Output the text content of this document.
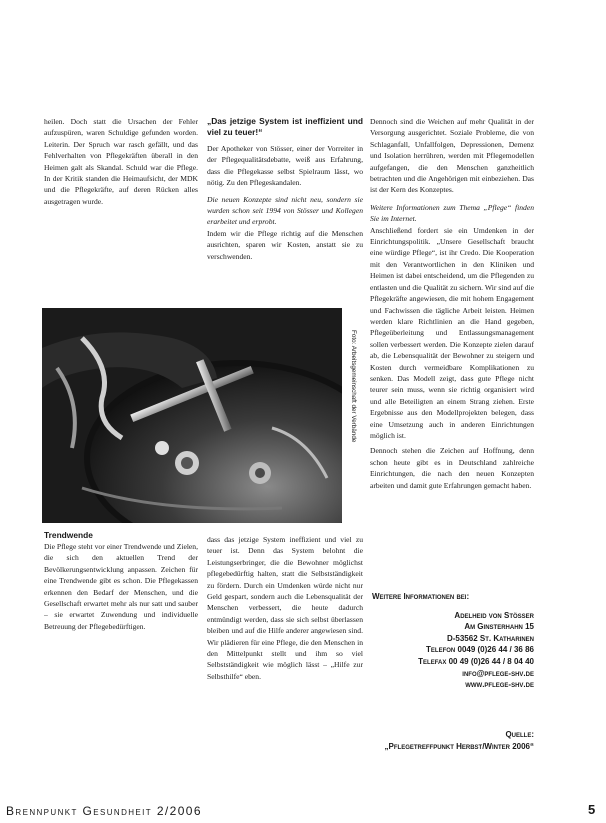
heilen. Doch statt die Ursachen der Fehler aufzuspüren, waren Schuldige gefunden worden. Leiterin. Der Spruch war rasch gefällt, und das Fehlverhalten von Pflegekräften überall in den Heimen galt als Skandal. Schuld war die Pflege. In der Kritik standen die Heimaufsicht, der MDK und die Pflegekräfte, auf deren Rücken alles ausgetragen wurde.

„Das jetzige System ist ineffizient und viel zu teuer!“

Der Apotheker von Stösser, einer der Vorreiter in der Pflegequalitätsdebatte, weiß aus Erfahrung, dass die Pflegekasse selbst Spielraum lässt, wo nötig. Zu den Pflegeskandalen.

Die neuen Konzepte sind nicht neu, sondern sie wurden schon seit 1994 von Stösser und Kollegen erarbeitet und erprobt.

Indem wir die Pflege richtig auf die Menschen ausrichten, sparen wir Kosten, anstatt sie zu verschwenden.

Dennoch sind die Weichen auf mehr Qualität in der Versorgung ausgerichtet. Soziale Probleme, die von Schlaganfall, Unfallfolgen, Depressionen, Demenz und Isolation herrühren, werden mit Pflegemodellen aufgefangen, die den Menschen ganzheitlich betrachten und die Angehörigen mit einbeziehen. Das ist der Kern des Konzeptes.

Weitere Informationen zum Thema „Pflege“ finden Sie im Internet.

Anschließend fordert sie ein Umdenken in der Einrichtungspolitik. „Unsere Gesellschaft braucht eine würdige Pflege“, ist ihr Credo. Die Kooperation mit den Verantwortlichen in den Kliniken und Heimen ist dabei entscheidend, um die Pflegenden zu entlasten und die Qualität zu sichern. Wir sind auf die Pflegekräfte angewiesen, die mit hohem Engagement und Fachwissen die tägliche Arbeit leisten. Heimen werden klare Richtlinien an die Hand gegeben, Pflegeüberleitung und Entlassungsmanagement sollen verbessert werden. Die Konzepte zielen darauf ab, die Lebensqualität der Bewohner zu steigern und Kosten durch vermeidbare Komplikationen zu senken. Das Modell zeigt, dass gute Pflege nicht teurer sein muss, wenn sie richtig organisiert wird und alle Beteiligten an einem Strang ziehen. Erste Ergebnisse aus den Modellprojekten belegen, dass eine Umsetzung auch in anderen Einrichtungen möglich ist.

Dennoch stehen die Zeichen auf Hoffnung, denn schon heute gibt es in Deutschland zahlreiche Einrichtungen, die nach den neuen Konzepten arbeiten und damit gute Erfahrungen gemacht haben.

Foto: Arbeitsgemeinschaft der Verbände

Trendwende

Die Pflege steht vor einer Trendwende und Zielen, die sich den aktuellen Trend der Bevölkerungsentwicklung anpassen. Zeichen für eine Trendwende gibt es schon. Die Pflegekassen erkennen den Bedarf der Menschen, und die Gesellschaft erwartet mehr als nur satt und sauber – sie erwartet Zuwendung und individuelle Betreuung der Pflegebedürftigen.

dass das jetzige System ineffizient und viel zu teuer ist. Denn das System belohnt die Leistungserbringer, die die Bewohner möglichst pflegebedürftig halten, statt die Selbstständigkeit zu fördern. Durch ein Umdenken würde nicht nur Geld gespart, sondern auch die Lebensqualität der Menschen verbessert, die heute dadurch entmündigt werden, dass sie sich selbst überlassen bleiben und auf die Hilfe anderer angewiesen sind. Wir plädieren für eine Pflege, die den Menschen in den Mittelpunkt stellt und ihm so viel Selbstständigkeit wie möglich lässt – „Hilfe zur Selbsthilfe“ eben.

Weitere Informationen bei:
Adelheid von Stösser
Am Ginsterhahn 15
D-53562 St. Katharinen
Telefon 0049 (0)26 44 / 36 86
Telefax 00 49 (0)26 44 / 8 04 40
info@pflege-shv.de
www.pflege-shv.de
Quelle:
„Pflegetreffpunkt Herbst/Winter 2006“
Brennpunkt Gesundheit 2/2006	5
